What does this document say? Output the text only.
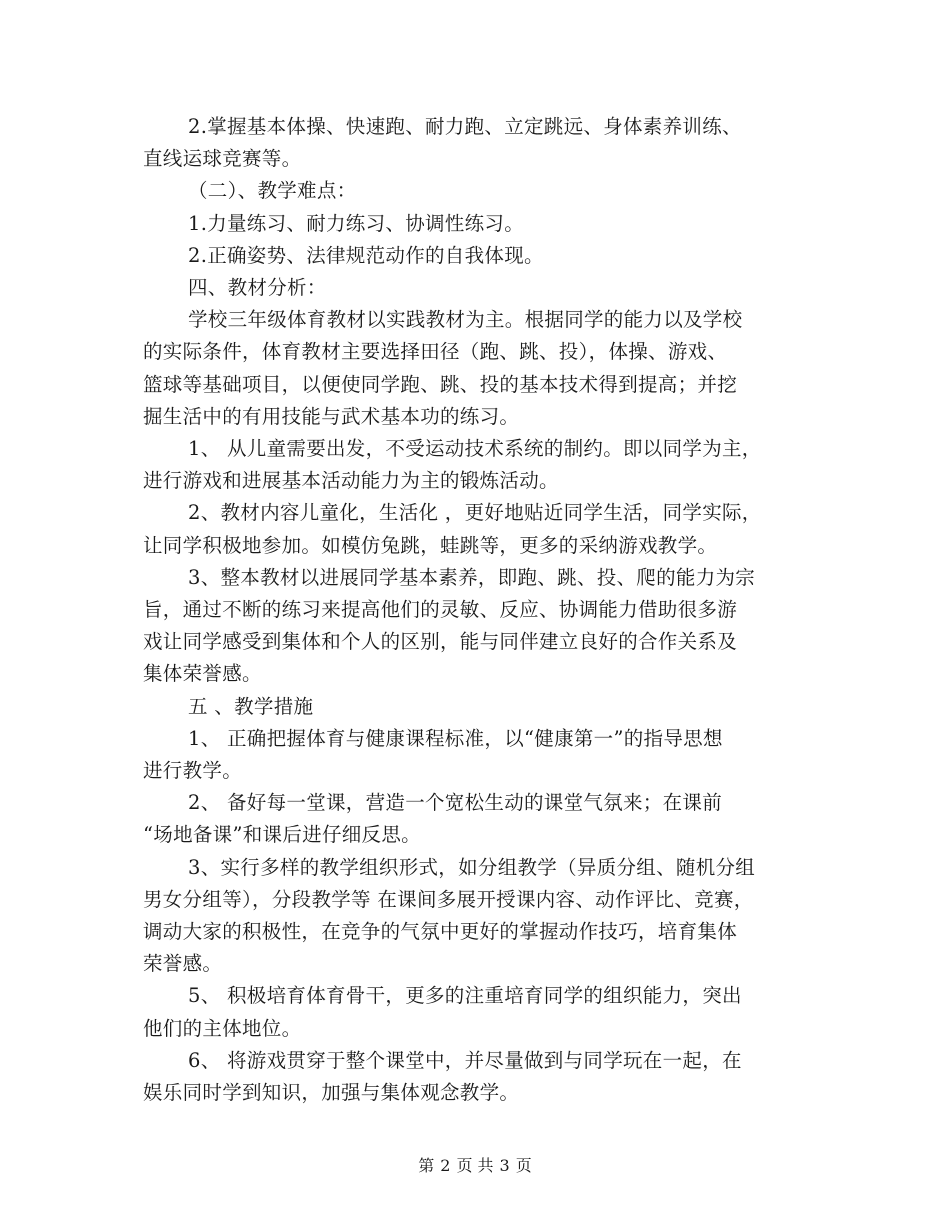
2.掌握基本体操、快速跑、耐力跑、立定跳远、身体素养训练、
直线运球竞赛等。
（二）、教学难点：
1.力量练习、耐力练习、协调性练习。
2.正确姿势、法律规范动作的自我体现。
四、教材分析：
学校三年级体育教材以实践教材为主。根据同学的能力以及学校
的实际条件，体育教材主要选择田径（跑、跳、投），体操、游戏、
篮球等基础项目，以便使同学跑、跳、投的基本技术得到提高；并挖
掘生活中的有用技能与武术基本功的练习。
1、 从儿童需要出发，不受运动技术系统的制约。即以同学为主，
进行游戏和进展基本活动能力为主的锻炼活动。
2、教材内容儿童化，生活化 ，更好地贴近同学生活，同学实际，
让同学积极地参加。如模仿兔跳，蛙跳等，更多的采纳游戏教学。
3、整本教材以进展同学基本素养，即跑、跳、投、爬的能力为宗
旨，通过不断的练习来提高他们的灵敏、反应、协调能力借助很多游
戏让同学感受到集体和个人的区别，能与同伴建立良好的合作关系及
集体荣誉感。
五 、教学措施
1、 正确把握体育与健康课程标准，以“健康第一”的指导思想
进行教学。
2、 备好每一堂课，营造一个宽松生动的课堂气氛来；在课前
“场地备课”和课后进仔细反思。
3、实行多样的教学组织形式，如分组教学（异质分组、随机分组
男女分组等），分段教学等 在课间多展开授课内容、动作评比、竞赛，
调动大家的积极性，在竞争的气氛中更好的掌握动作技巧，培育集体
荣誉感。
5、 积极培育体育骨干，更多的注重培育同学的组织能力，突出
他们的主体地位。
6、 将游戏贯穿于整个课堂中，并尽量做到与同学玩在一起，在
娱乐同时学到知识，加强与集体观念教学。
第 2 页 共 3 页
